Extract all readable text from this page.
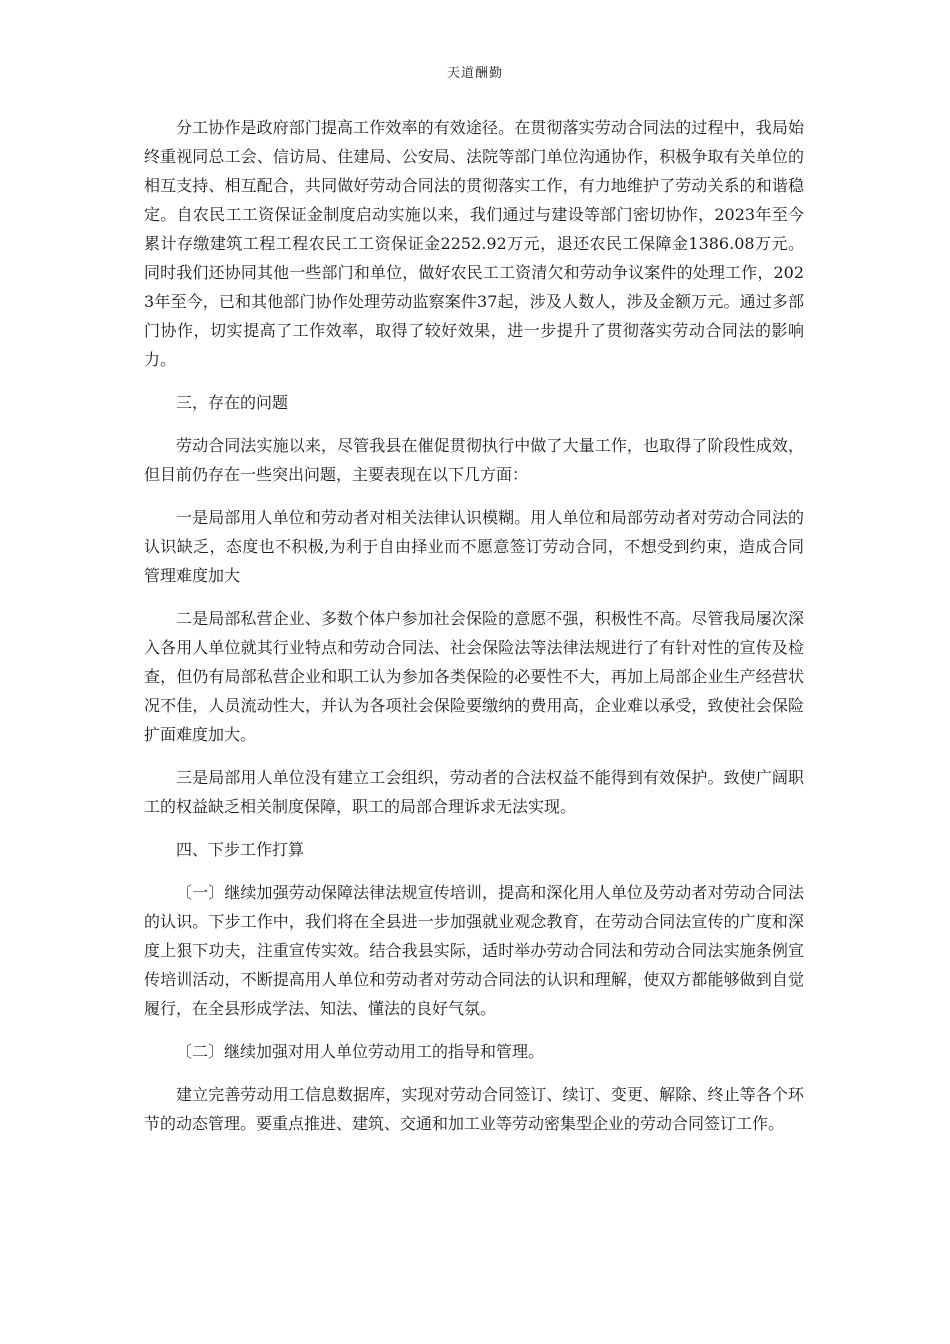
天道酬勤

分工协作是政府部门提高工作效率的有效途径。在贯彻落实劳动合同法的过程中，我局始终重视同总工会、信访局、住建局、公安局、法院等部门单位沟通协作，积极争取有关单位的相互支持、相互配合，共同做好劳动合同法的贯彻落实工作，有力地维护了劳动关系的和谐稳定。自农民工工资保证金制度启动实施以来，我们通过与建设等部门密切协作，2023年至今累计存缴建筑工程工程农民工工资保证金2252.92万元，退还农民工保障金1386.08万元。同时我们还协同其他一些部门和单位，做好农民工工资清欠和劳动争议案件的处理工作，2023年至今，已和其他部门协作处理劳动监察案件37起，涉及人数人，涉及金额万元。通过多部门协作，切实提高了工作效率，取得了较好效果，进一步提升了贯彻落实劳动合同法的影响力。

三，存在的问题

劳动合同法实施以来，尽管我县在催促贯彻执行中做了大量工作，也取得了阶段性成效，但目前仍存在一些突出问题，主要表现在以下几方面：

一是局部用人单位和劳动者对相关法律认识模糊。用人单位和局部劳动者对劳动合同法的认识缺乏，态度也不积极,为利于自由择业而不愿意签订劳动合同，不想受到约束，造成合同管理难度加大

二是局部私营企业、多数个体户参加社会保险的意愿不强，积极性不高。尽管我局屡次深入各用人单位就其行业特点和劳动合同法、社会保险法等法律法规进行了有针对性的宣传及检查，但仍有局部私营企业和职工认为参加各类保险的必要性不大，再加上局部企业生产经营状况不佳，人员流动性大，并认为各项社会保险要缴纳的费用高，企业难以承受，致使社会保险扩面难度加大。

三是局部用人单位没有建立工会组织，劳动者的合法权益不能得到有效保护。致使广阔职工的权益缺乏相关制度保障，职工的局部合理诉求无法实现。

四、下步工作打算

〔一〕继续加强劳动保障法律法规宣传培训，提高和深化用人单位及劳动者对劳动合同法的认识。下步工作中，我们将在全县进一步加强就业观念教育，在劳动合同法宣传的广度和深度上狠下功夫，注重宣传实效。结合我县实际，适时举办劳动合同法和劳动合同法实施条例宣传培训活动，不断提高用人单位和劳动者对劳动合同法的认识和理解，使双方都能够做到自觉履行，在全县形成学法、知法、懂法的良好气氛。

〔二〕继续加强对用人单位劳动用工的指导和管理。

建立完善劳动用工信息数据库，实现对劳动合同签订、续订、变更、解除、终止等各个环节的动态管理。要重点推进、建筑、交通和加工业等劳动密集型企业的劳动合同签订工作。
